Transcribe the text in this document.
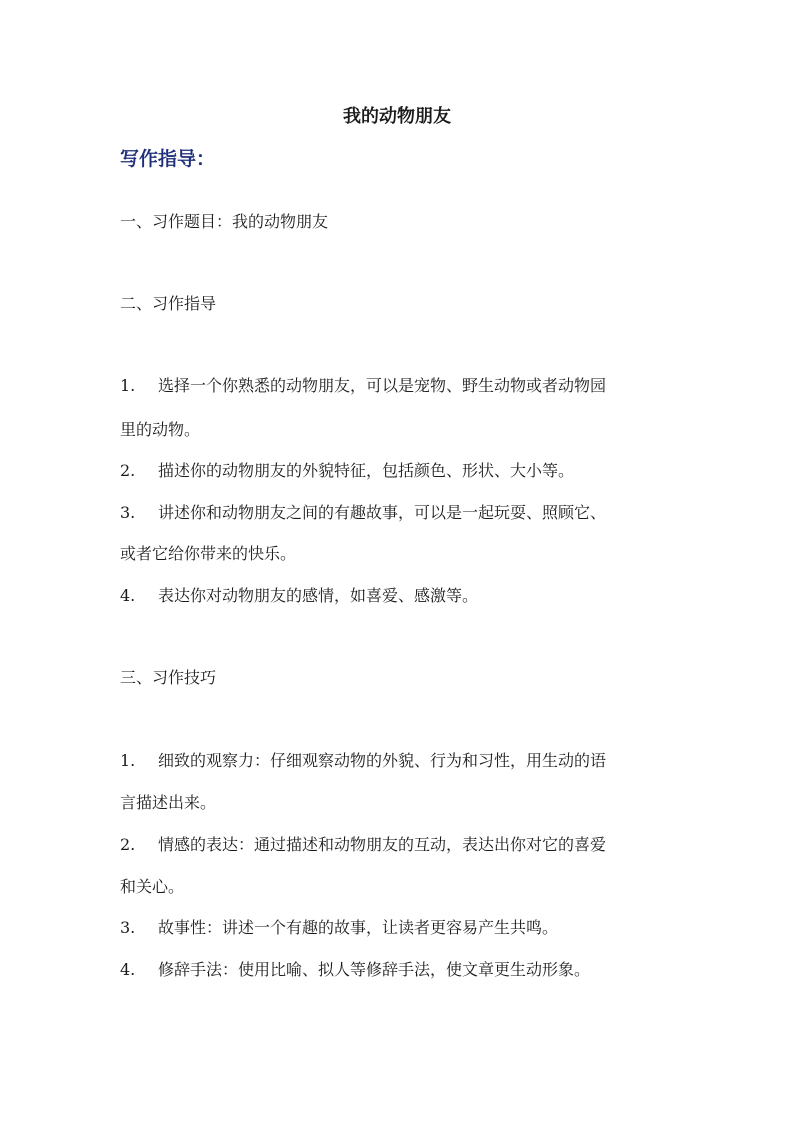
我的动物朋友
写作指导：
一、习作题目：我的动物朋友
二、习作指导
1. 选择一个你熟悉的动物朋友，可以是宠物、野生动物或者动物园
里的动物。
2. 描述你的动物朋友的外貌特征，包括颜色、形状、大小等。
3. 讲述你和动物朋友之间的有趣故事，可以是一起玩耍、照顾它、
或者它给你带来的快乐。
4. 表达你对动物朋友的感情，如喜爱、感激等。
三、习作技巧
1. 细致的观察力：仔细观察动物的外貌、行为和习性，用生动的语
言描述出来。
2. 情感的表达：通过描述和动物朋友的互动，表达出你对它的喜爱
和关心。
3. 故事性：讲述一个有趣的故事，让读者更容易产生共鸣。
4. 修辞手法：使用比喻、拟人等修辞手法，使文章更生动形象。
